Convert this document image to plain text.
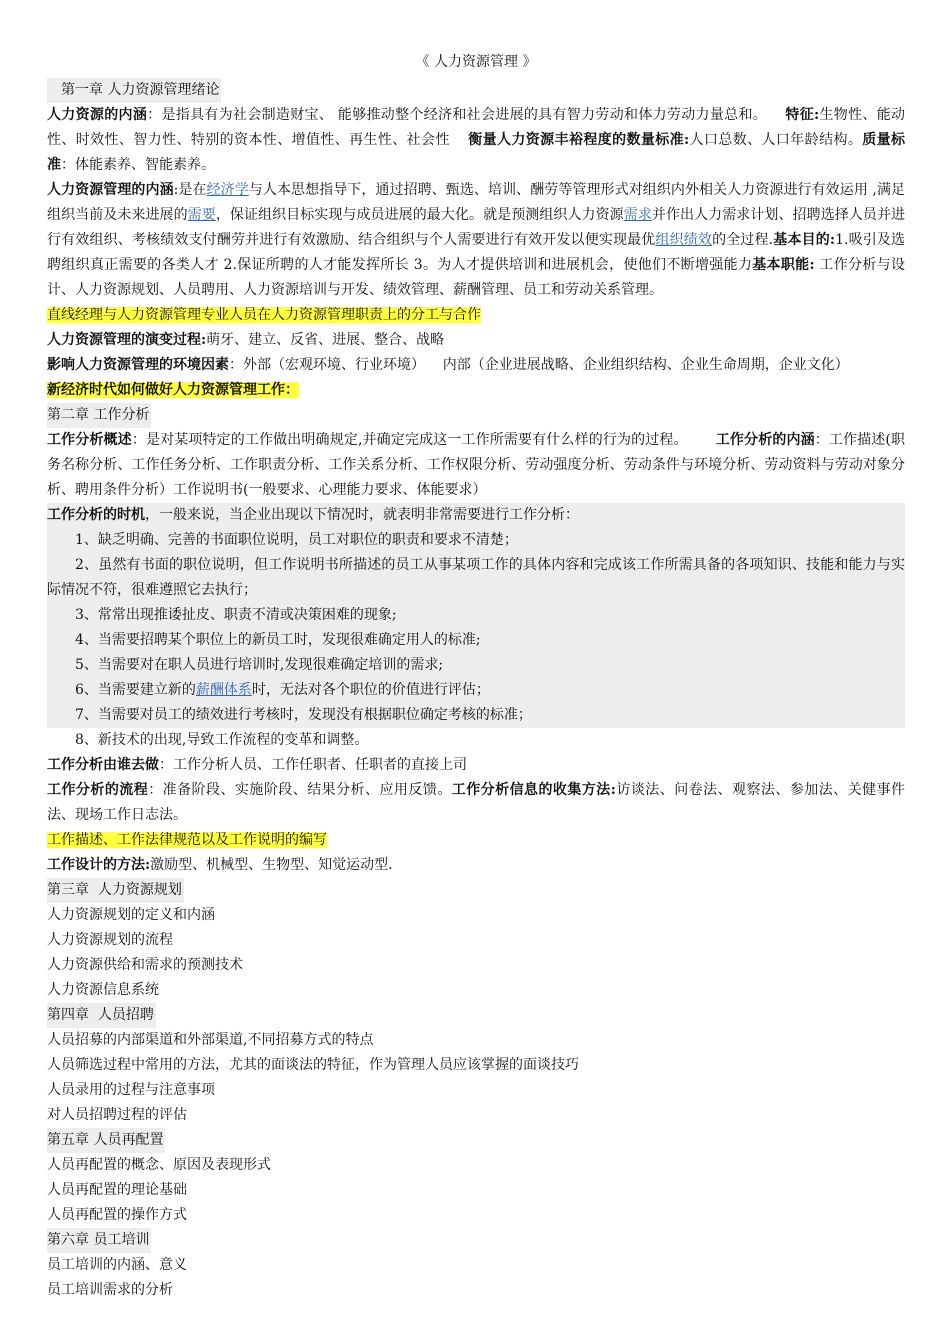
《 人力资源管理 》
第一章 人力资源管理绪论
人力资源的内涵：是指具有为社会制造财宝、 能够推动整个经济和社会进展的具有智力劳动和体力劳动力量总和。 特征:生物性、能动性、时效性、智力性、特别的资本性、增值性、再生性、社会性 衡量人力资源丰裕程度的数量标准:人口总数、人口年龄结构。质量标准：体能素养、智能素养。
人力资源管理的内涵:是在经济学与人本思想指导下，通过招聘、甄选、培训、酬劳等管理形式对组织内外相关人力资源进行有效运用 ,满足组织当前及未来进展的需要，保证组织目标实现与成员进展的最大化。就是预测组织人力资源需求并作出人力需求计划、招聘选择人员并进行有效组织、考核绩效支付酬劳并进行有效激励、结合组织与个人需要进行有效开发以便实现最优组织绩效的全过程.基本目的:1.吸引及选聘组织真正需要的各类人才 2.保证所聘的人才能发挥所长 3。为人才提供培训和进展机会，使他们不断增强能力基本职能: 工作分析与设计、人力资源规划、人员聘用、人力资源培训与开发、绩效管理、薪酬管理、员工和劳动关系管理。
直线经理与人力资源管理专业人员在人力资源管理职责上的分工与合作
人力资源管理的演变过程:萌牙、建立、反省、进展、整合、战略
影响人力资源管理的环境因素：外部（宏观环境、行业环境）    内部（企业进展战略、企业组织结构、企业生命周期，企业文化）
新经济时代如何做好人力资源管理工作：
第二章 工作分析
工作分析概述：是对某项特定的工作做出明确规定,并确定完成这一工作所需要有什么样的行为的过程。 工作分析的内涵：工作描述(职务名称分析、工作任务分析、工作职责分析、工作关系分析、工作权限分析、劳动强度分析、劳动条件与环境分析、劳动资料与劳动对象分析、聘用条件分析）工作说明书(一般要求、心理能力要求、体能要求）
工作分析的时机，一般来说，当企业出现以下情况时，就表明非常需要进行工作分析：
1、缺乏明确、完善的书面职位说明，员工对职位的职责和要求不清楚；
2、虽然有书面的职位说明，但工作说明书所描述的员工从事某项工作的具体内容和完成该工作所需具备的各项知识、技能和能力与实际情况不符，很难遵照它去执行；
3、常常出现推诿扯皮、职责不清或决策困难的现象;
4、当需要招聘某个职位上的新员工时，发现很难确定用人的标准;
5、当需要对在职人员进行培训时,发现很难确定培训的需求;
6、当需要建立新的薪酬体系时，无法对各个职位的价值进行评估；
7、当需要对员工的绩效进行考核时，发现没有根据职位确定考核的标准；
8、新技术的出现,导致工作流程的变革和调整。
工作分析由谁去做：工作分析人员、工作任职者、任职者的直接上司
工作分析的流程：准备阶段、实施阶段、结果分析、应用反馈。工作分析信息的收集方法:访谈法、问卷法、观察法、参加法、关健事件法、现场工作日志法。
工作描述、工作法律规范以及工作说明的编写
工作设计的方法:激励型、机械型、生物型、知觉运动型.
第三章  人力资源规划
人力资源规划的定义和内涵
人力资源规划的流程
人力资源供给和需求的预测技术
人力资源信息系统
第四章  人员招聘
人员招募的内部渠道和外部渠道,不同招募方式的特点
人员筛选过程中常用的方法，尤其的面谈法的特征，作为管理人员应该掌握的面谈技巧
人员录用的过程与注意事项
对人员招聘过程的评估
第五章 人员再配置
人员再配置的概念、原因及表现形式
人员再配置的理论基础
人员再配置的操作方式
第六章 员工培训
员工培训的内涵、意义
员工培训需求的分析
